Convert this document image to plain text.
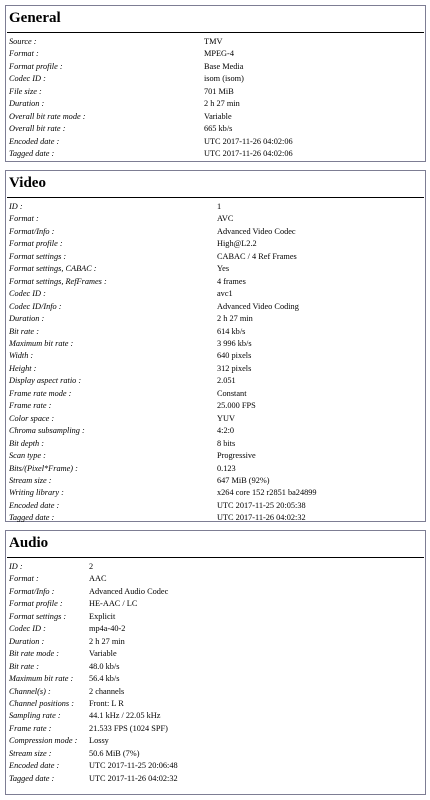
General
Source :	TMV
Format :	MPEG-4
Format profile :	Base Media
Codec ID :	isom (isom)
File size :	701 MiB
Duration :	2 h 27 min
Overall bit rate mode :	Variable
Overall bit rate :	665 kb/s
Encoded date :	UTC 2017-11-26 04:02:06
Tagged date :	UTC 2017-11-26 04:02:06
Video
ID :	1
Format :	AVC
Format/Info :	Advanced Video Codec
Format profile :	High@L2.2
Format settings :	CABAC / 4 Ref Frames
Format settings, CABAC :	Yes
Format settings, RefFrames :	4 frames
Codec ID :	avc1
Codec ID/Info :	Advanced Video Coding
Duration :	2 h 27 min
Bit rate :	614 kb/s
Maximum bit rate :	3 996 kb/s
Width :	640 pixels
Height :	312 pixels
Display aspect ratio :	2.051
Frame rate mode :	Constant
Frame rate :	25.000 FPS
Color space :	YUV
Chroma subsampling :	4:2:0
Bit depth :	8 bits
Scan type :	Progressive
Bits/(Pixel*Frame) :	0.123
Stream size :	647 MiB (92%)
Writing library :	x264 core 152 r2851 ba24899
Encoded date :	UTC 2017-11-25 20:05:38
Tagged date :	UTC 2017-11-26 04:02:32
Audio
ID :	2
Format :	AAC
Format/Info :	Advanced Audio Codec
Format profile :	HE-AAC / LC
Format settings :	Explicit
Codec ID :	mp4a-40-2
Duration :	2 h 27 min
Bit rate mode :	Variable
Bit rate :	48.0 kb/s
Maximum bit rate :	56.4 kb/s
Channel(s) :	2 channels
Channel positions :	Front: L R
Sampling rate :	44.1 kHz / 22.05 kHz
Frame rate :	21.533 FPS (1024 SPF)
Compression mode :	Lossy
Stream size :	50.6 MiB (7%)
Encoded date :	UTC 2017-11-25 20:06:48
Tagged date :	UTC 2017-11-26 04:02:32
